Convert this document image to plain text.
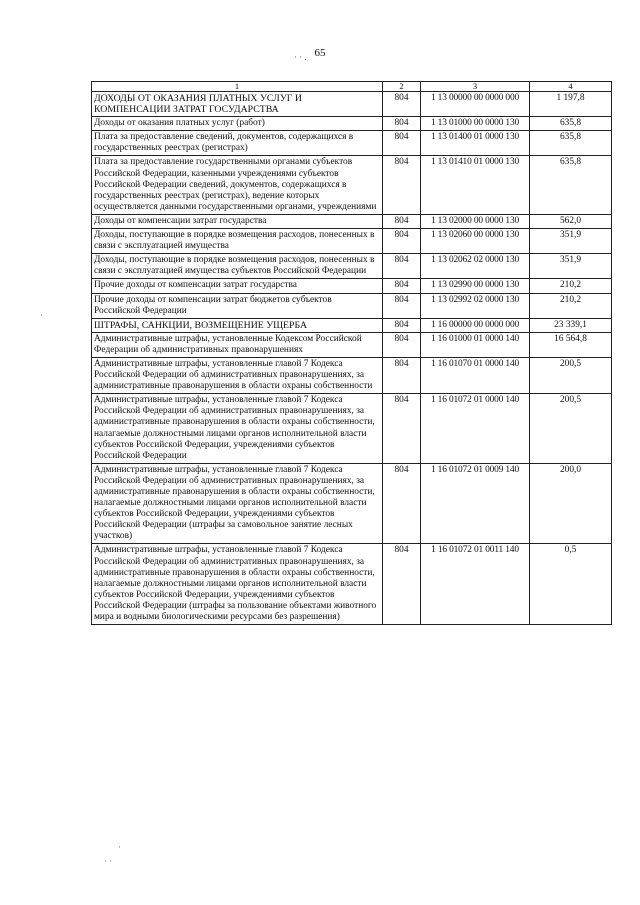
65
· · .
·
·
· ·
1	2	3	4
ДОХОДЫ ОТ ОКАЗАНИЯ ПЛАТНЫХ УСЛУГ И КОМПЕНСАЦИИ ЗАТРАТ ГОСУДАРСТВА	804	1 13 00000 00 0000 000	1 197,8
Доходы от оказания платных услуг (работ)	804	1 13 01000 00 0000 130	635,8
Плата за предоставление сведений, документов, содержащихся в государственных реестрах (регистрах)	804	1 13 01400 01 0000 130	635,8
Плата за предоставление государственными органами субъектов Российской Федерации, казенными учреждениями субъектов Российской Федерации сведений, документов, содержащихся в государственных реестрах (регистрах), ведение которых осуществляется данными государственными органами, учреждениями	804	1 13 01410 01 0000 130	635,8
Доходы от компенсации затрат государства	804	1 13 02000 00 0000 130	562,0
Доходы, поступающие в порядке возмещения расходов, понесенных в связи с эксплуатацией имущества	804	1 13 02060 00 0000 130	351,9
Доходы, поступающие в порядке возмещения расходов, понесенных в связи с эксплуатацией имущества субъектов Российской Федерации	804	1 13 02062 02 0000 130	351,9
Прочие доходы от компенсации затрат государства	804	1 13 02990 00 0000 130	210,2
Прочие доходы от компенсации затрат бюджетов субъектов Российской Федерации	804	1 13 02992 02 0000 130	210,2
ШТРАФЫ, САНКЦИИ, ВОЗМЕЩЕНИЕ УЩЕРБА	804	1 16 00000 00 0000 000	23 339,1
Административные штрафы, установленные Кодексом Российской Федерации об административных правонарушениях	804	1 16 01000 01 0000 140	16 564,8
Административные штрафы, установленные главой 7 Кодекса Российской Федерации об административных правонарушениях, за административные правонарушения в области охраны собственности	804	1 16 01070 01 0000 140	200,5
Административные штрафы, установленные главой 7 Кодекса Российской Федерации об административных правонарушениях, за административные правонарушения в области охраны собственности, налагаемые должностными лицами органов исполнительной власти субъектов Российской Федерации, учреждениями субъектов Российской Федерации	804	1 16 01072 01 0000 140	200,5
Административные штрафы, установленные главой 7 Кодекса Российской Федерации об административных правонарушениях, за административные правонарушения в области охраны собственности, налагаемые должностными лицами органов исполнительной власти субъектов Российской Федерации, учреждениями субъектов Российской Федерации (штрафы за самовольное занятие лесных участков)	804	1 16 01072 01 0009 140	200,0
Административные штрафы, установленные главой 7 Кодекса Российской Федерации об административных правонарушениях, за административные правонарушения в области охраны собственности, налагаемые должностными лицами органов исполнительной власти субъектов Российской Федерации, учреждениями субъектов Российской Федерации (штрафы за пользование объектами животного мира и водными биологическими ресурсами без разрешения)	804	1 16 01072 01 0011 140	0,5
